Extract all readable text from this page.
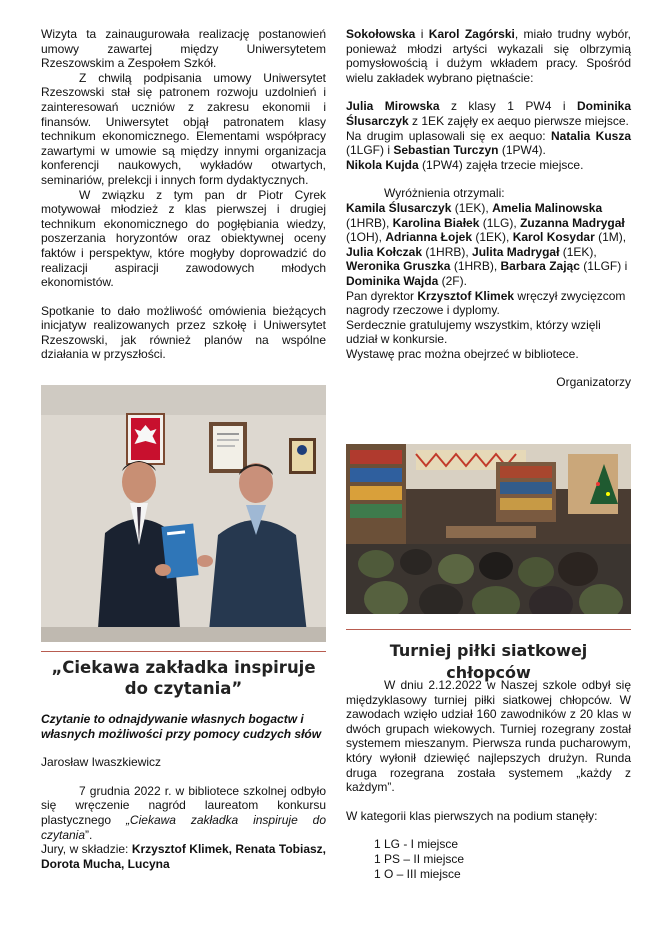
Wizyta ta zainaugurowała realizację postanowień umowy zawartej między Uniwersytetem Rzeszowskim a Zespołem Szkół.

Z chwilą podpisania umowy Uniwersytet Rzeszowski stał się patronem rozwoju uzdolnień i zainteresowań uczniów z zakresu ekonomii i finansów. Uniwersytet objął patronatem klasy technikum ekonomicznego. Elementami współpracy zawartymi w umowie są między innymi organizacja konferencji naukowych, wykładów otwartych, seminariów, prelekcji i innych form dydaktycznych.

W związku z tym pan dr Piotr Cyrek motywował młodzież z klas pierwszej i drugiej technikum ekonomicznego do pogłębiania wiedzy, poszerzania horyzontów oraz obiektywnej oceny faktów i perspektyw, które mogłyby doprowadzić do realizacji aspiracji zawodowych młodych ekonomistów.

Spotkanie to dało możliwość omówienia bieżących inicjatyw realizowanych przez szkołę i Uniwersytet Rzeszowski, jak również planów na wspólne działania w przyszłości.

„Ciekawa zakładka inspiruje do czytania”

Czytanie to odnajdywanie własnych bogactw i własnych możliwości przy pomocy cudzych słów

Jarosław Iwaszkiewicz

7 grudnia 2022 r. w bibliotece szkolnej odbyło się wręczenie nagród laureatom konkursu plastycznego „Ciekawa zakładka inspiruje do czytania”.

Jury, w składzie: Krzysztof Klimek, Renata Tobiasz, Dorota Mucha, Lucyna

Sokołowska i Karol Zagórski, miało trudny wybór, ponieważ młodzi artyści wykazali się olbrzymią pomysłowością i dużym wkładem pracy. Spośród wielu zakładek wybrano piętnaście:

Julia Mirowska z klasy 1 PW4 i Dominika Ślusarczyk z 1EK zajęły ex aequo pierwsze miejsce.

Na drugim uplasowali się ex aequo: Natalia Kusza (1LGF) i Sebastian Turczyn (1PW4).

Nikola Kujda (1PW4) zajęła trzecie miejsce.

Wyróżnienia otrzymali:

Kamila Ślusarczyk (1EK), Amelia Malinowska (1HRB), Karolina Białek (1LG), Zuzanna Madrygał (1OH), Adrianna Łojek (1EK), Karol Kosydar (1M), Julia Kołczak (1HRB), Julita Madrygał (1EK), Weronika Gruszka (1HRB), Barbara Zając (1LGF) i Dominika Wajda (2F).

Pan dyrektor Krzysztof Klimek wręczył zwycięzcom nagrody rzeczowe i dyplomy.

Serdecznie gratulujemy wszystkim, którzy wzięli udział w konkursie.

Wystawę prac można obejrzeć w bibliotece.

Organizatorzy

Turniej piłki siatkowej chłopców

W dniu 2.12.2022 w Naszej szkole odbył się międzyklasowy turniej piłki siatkowej chłopców. W zawodach wzięło udział 160 zawodników z 20 klas w dwóch grupach wiekowych. Turniej rozegrany został systemem mieszanym. Pierwsza runda pucharowym, który wyłonił dziewięć najlepszych drużyn. Runda druga rozegrana została systemem „każdy z każdym”.

W kategorii klas pierwszych na podium stanęły:

1 LG - I miejsce

1 PS – II miejsce

1 O – III miejsce
